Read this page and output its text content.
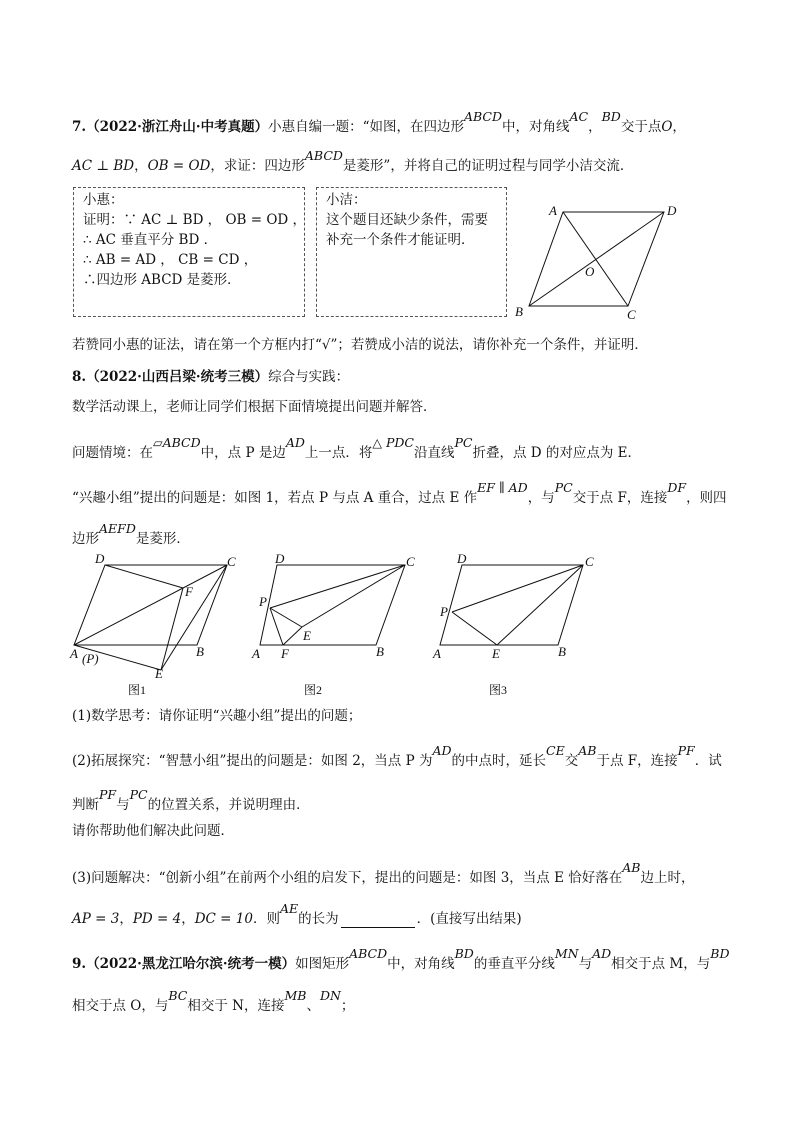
7.（2022·浙江舟山·中考真题）小惠自编一题：“如图，在四边形ABCD中，对角线AC，BD交于点O，
AC ⊥ BD，OB = OD，求证：四边形ABCD是菱形”，并将自己的证明过程与同学小洁交流．
小惠：
证明：∵ AC ⊥ BD ， OB = OD ，
∴ AC 垂直平分 BD ．
∴ AB = AD ， CB = CD ，
∴四边形 ABCD 是菱形．
小洁：
这个题目还缺少条件，需要
补充一个条件才能证明．
A	D
B	C
O
若赞同小惠的证法，请在第一个方框内打“√”；若赞成小洁的说法，请你补充一个条件，并证明．
8.（2022·山西吕梁·统考三模）综合与实践：
数学活动课上，老师让同学们根据下面情境提出问题并解答．
问题情境：在▱ABCD中，点 P 是边AD上一点．将△ PDC沿直线PC折叠，点 D 的对应点为 E．
“兴趣小组”提出的问题是：如图 1，若点 P 与点 A 重合，过点 E 作EF ∥ AD，与PC交于点 F，连接DF，则四
边形AEFD是菱形．
D	C
F
A (P)	B
E
图1
D	C
P
E
A F	B
图2
D	C
P
A	E	B
图3
(1)数学思考：请你证明“兴趣小组”提出的问题；
(2)拓展探究：“智慧小组”提出的问题是：如图 2，当点 P 为AD的中点时，延长CE交AB于点 F，连接PF．试
判断PF与PC的位置关系，并说明理由．
请你帮助他们解决此问题．
(3)问题解决：“创新小组”在前两个小组的启发下，提出的问题是：如图 3，当点 E 恰好落在AB边上时，
AP = 3，PD = 4，DC = 10．则AE的长为	．(直接写出结果)
9.（2022·黑龙江哈尔滨·统考一模）如图矩形ABCD中，对角线BD的垂直平分线MN与AD相交于点 M，与BD
相交于点 O，与BC相交于 N，连接MB、DN；
